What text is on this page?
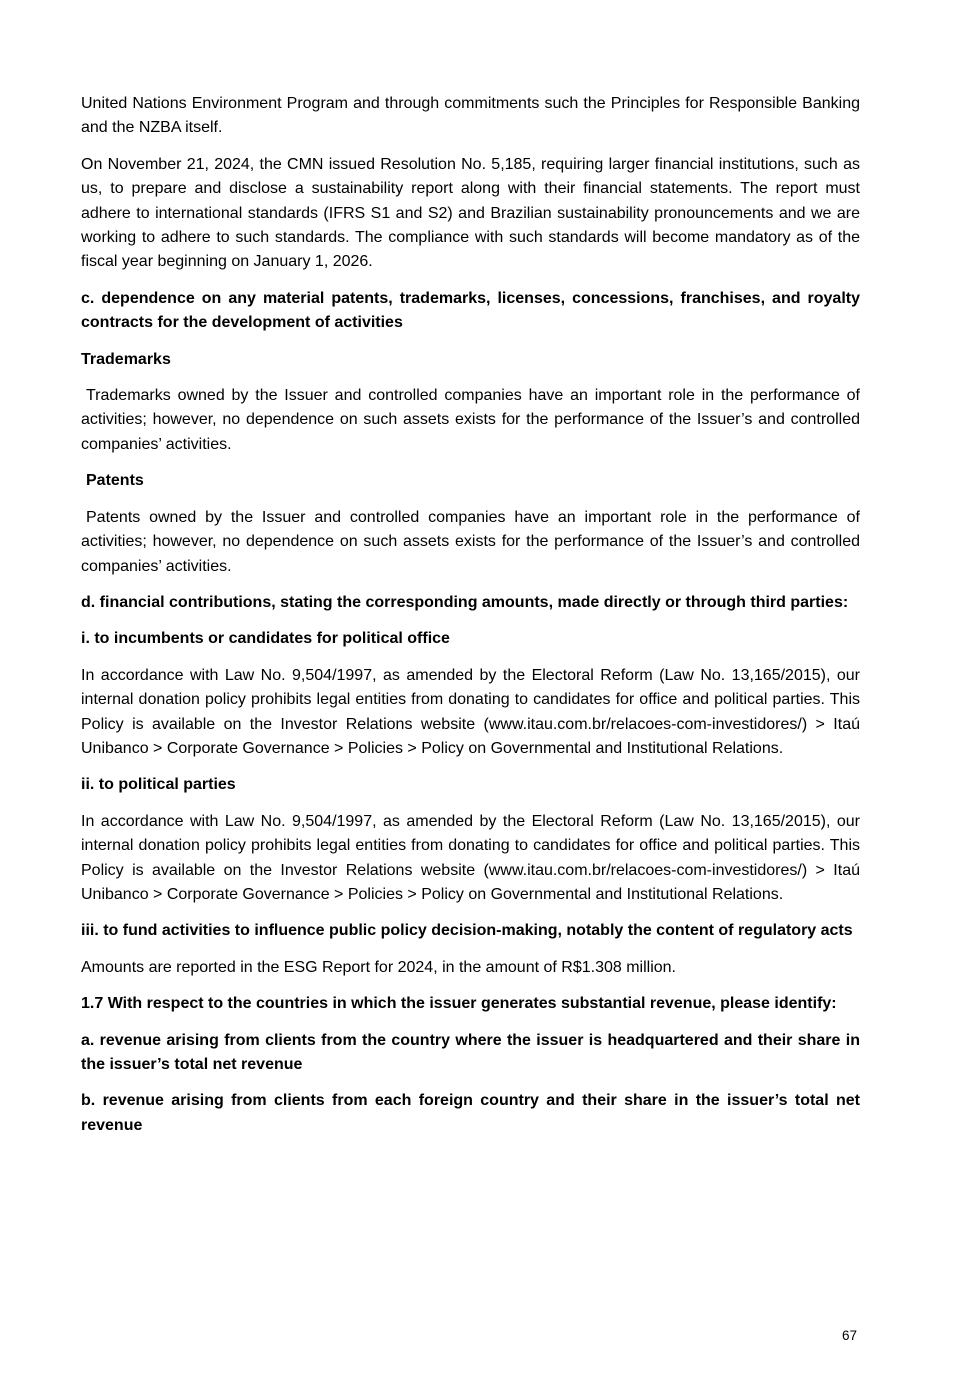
United Nations Environment Program and through commitments such the Principles for Responsible Banking and the NZBA itself.

On November 21, 2024, the CMN issued Resolution No. 5,185, requiring larger financial institutions, such as us, to prepare and disclose a sustainability report along with their financial statements. The report must adhere to international standards (IFRS S1 and S2) and Brazilian sustainability pronouncements and we are working to adhere to such standards. The compliance with such standards will become mandatory as of the fiscal year beginning on January 1, 2026.

c. dependence on any material patents, trademarks, licenses, concessions, franchises, and royalty contracts for the development of activities

Trademarks

Trademarks owned by the Issuer and controlled companies have an important role in the performance of activities; however, no dependence on such assets exists for the performance of the Issuer’s and controlled companies’ activities.

Patents

Patents owned by the Issuer and controlled companies have an important role in the performance of activities; however, no dependence on such assets exists for the performance of the Issuer’s and controlled companies’ activities.

d. financial contributions, stating the corresponding amounts, made directly or through third parties:

i. to incumbents or candidates for political office

In accordance with Law No. 9,504/1997, as amended by the Electoral Reform (Law No. 13,165/2015), our internal donation policy prohibits legal entities from donating to candidates for office and political parties. This Policy is available on the Investor Relations website (www.itau.com.br/relacoes-com-investidores/) > Itaú Unibanco > Corporate Governance > Policies > Policy on Governmental and Institutional Relations.

ii. to political parties

In accordance with Law No. 9,504/1997, as amended by the Electoral Reform (Law No. 13,165/2015), our internal donation policy prohibits legal entities from donating to candidates for office and political parties. This Policy is available on the Investor Relations website (www.itau.com.br/relacoes-com-investidores/) > Itaú Unibanco > Corporate Governance > Policies > Policy on Governmental and Institutional Relations.

iii. to fund activities to influence public policy decision-making, notably the content of regulatory acts

Amounts are reported in the ESG Report for 2024, in the amount of R$1.308 million.

1.7 With respect to the countries in which the issuer generates substantial revenue, please identify:

a. revenue arising from clients from the country where the issuer is headquartered and their share in the issuer’s total net revenue

b. revenue arising from clients from each foreign country and their share in the issuer’s total net revenue

67
